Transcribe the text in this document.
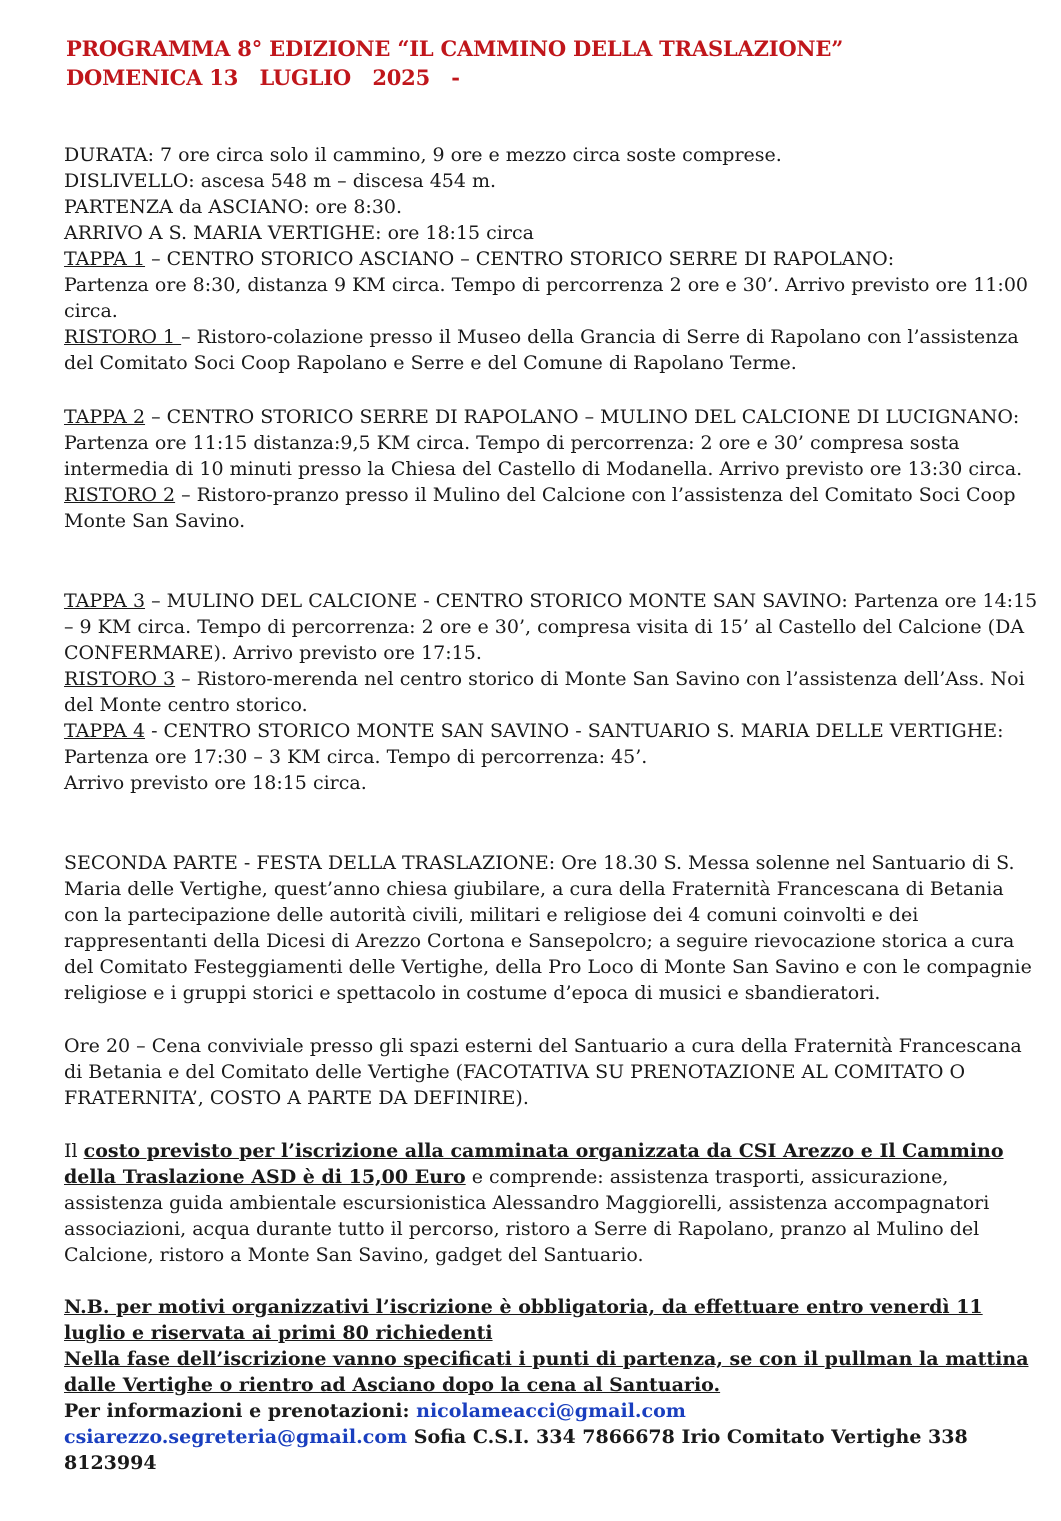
PROGRAMMA 8° EDIZIONE “IL CAMMINO DELLA TRASLAZIONE”
DOMENICA 13   LUGLIO   2025   -

DURATA: 7 ore circa solo il cammino, 9 ore e mezzo circa soste comprese.

DISLIVELLO: ascesa 548 m – discesa 454 m.

PARTENZA da ASCIANO: ore 8:30.

ARRIVO A S. MARIA VERTIGHE: ore 18:15 circa

TAPPA 1 – CENTRO STORICO ASCIANO – CENTRO STORICO SERRE DI RAPOLANO:

Partenza ore 8:30, distanza 9 KM circa. Tempo di percorrenza 2 ore e 30’. Arrivo previsto ore 11:00 circa.

RISTORO 1 – Ristoro-colazione presso il Museo della Grancia di Serre di Rapolano con l’assistenza del Comitato Soci Coop Rapolano e Serre e del Comune di Rapolano Terme.

TAPPA 2 – CENTRO STORICO SERRE DI RAPOLANO – MULINO DEL CALCIONE DI LUCIGNANO:

Partenza ore 11:15 distanza:9,5 KM circa. Tempo di percorrenza: 2 ore e 30’ compresa sosta intermedia di 10 minuti presso la Chiesa del Castello di Modanella. Arrivo previsto ore 13:30 circa.

RISTORO 2 – Ristoro-pranzo presso il Mulino del Calcione con l’assistenza del Comitato Soci Coop Monte San Savino.

TAPPA 3 – MULINO DEL CALCIONE - CENTRO STORICO MONTE SAN SAVINO: Partenza ore 14:15 – 9 KM circa. Tempo di percorrenza: 2 ore e 30’, compresa visita di 15’ al Castello del Calcione (DA CONFERMARE). Arrivo previsto ore 17:15.

RISTORO 3 – Ristoro-merenda nel centro storico di Monte San Savino con l’assistenza dell’Ass. Noi del Monte centro storico.

TAPPA 4 - CENTRO STORICO MONTE SAN SAVINO - SANTUARIO S. MARIA DELLE VERTIGHE:

Partenza ore 17:30 – 3 KM circa. Tempo di percorrenza: 45’.

Arrivo previsto ore 18:15 circa.

SECONDA PARTE - FESTA DELLA TRASLAZIONE: Ore 18.30 S. Messa solenne nel Santuario di S. Maria delle Vertighe, quest’anno chiesa giubilare, a cura della Fraternità Francescana di Betania con la partecipazione delle autorità civili, militari e religiose dei 4 comuni coinvolti e dei rappresentanti della Dicesi di Arezzo Cortona e Sansepolcro; a seguire rievocazione storica a cura del Comitato Festeggiamenti delle Vertighe, della Pro Loco di Monte San Savino e con le compagnie religiose e i gruppi storici e spettacolo in costume d’epoca di musici e sbandieratori.

Ore 20 – Cena conviviale presso gli spazi esterni del Santuario a cura della Fraternità Francescana di Betania e del Comitato delle Vertighe (FACOTATIVA SU PRENOTAZIONE AL COMITATO O FRATERNITA’, COSTO A PARTE DA DEFINIRE).

Il costo previsto per l’iscrizione alla camminata organizzata da CSI Arezzo e Il Cammino della Traslazione ASD è di 15,00 Euro e comprende: assistenza trasporti, assicurazione, assistenza guida ambientale escursionistica Alessandro Maggiorelli, assistenza accompagnatori associazioni, acqua durante tutto il percorso, ristoro a Serre di Rapolano, pranzo al Mulino del Calcione, ristoro a Monte San Savino, gadget del Santuario.

N.B. per motivi organizzativi l’iscrizione è obbligatoria, da effettuare entro venerdì 11 luglio e riservata ai primi 80 richiedenti

Nella fase dell’iscrizione vanno specificati i punti di partenza, se con il pullman la mattina dalle Vertighe o rientro ad Asciano dopo la cena al Santuario.

Per informazioni e prenotazioni: nicolameacci@gmail.com
csiarezzo.segreteria@gmail.com Sofia C.S.I. 334 7866678 Irio Comitato Vertighe 338 8123994
